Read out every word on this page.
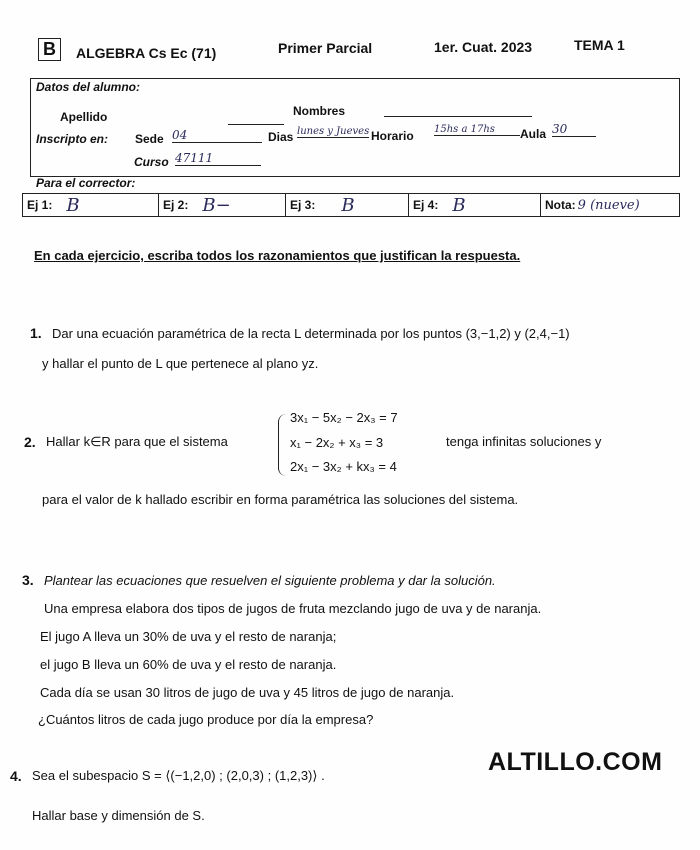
B	ALGEBRA Cs Ec (71)	Primer Parcial	1er. Cuat. 2023	TEMA 1
Datos del alumno:
Apellido	Nombres
Inscripto en: Sede 04	Dias lunes y Jueves Horario 15hs a 17hs	Aula 30
Curso 47111
Para el corrector:
Ej 1: B	Ej 2: B−	Ej 3: B	Ej 4: B	Nota: 9 (nueve)
En cada ejercicio, escriba todos los razonamientos que justifican la respuesta.
1. Dar una ecuación paramétrica de la recta L determinada por los puntos (3,−1,2) y (2,4,−1)
y hallar el punto de L que pertenece al plano yz.
2. Hallar k∈R para que el sistema
3x₁ − 5x₂ − 2x₃ = 7
x₁ − 2x₂ + x₃ = 3
2x₁ − 3x₂ + kx₃ = 4
tenga infinitas soluciones y
para el valor de k hallado escribir en forma paramétrica las soluciones del sistema.
3. Plantear las ecuaciones que resuelven el siguiente problema y dar la solución.
Una empresa elabora dos tipos de jugos de fruta mezclando jugo de uva y de naranja.
El jugo A lleva un 30% de uva y el resto de naranja;
el jugo B lleva un 60% de uva y el resto de naranja.
Cada día se usan 30 litros de jugo de uva y 45 litros de jugo de naranja.
¿Cuántos litros de cada jugo produce por día la empresa?
ALTILLO.COM
4. Sea el subespacio S = ⟨(−1,2,0) ; (2,0,3) ; (1,2,3)⟩ .
Hallar base y dimensión de S.
